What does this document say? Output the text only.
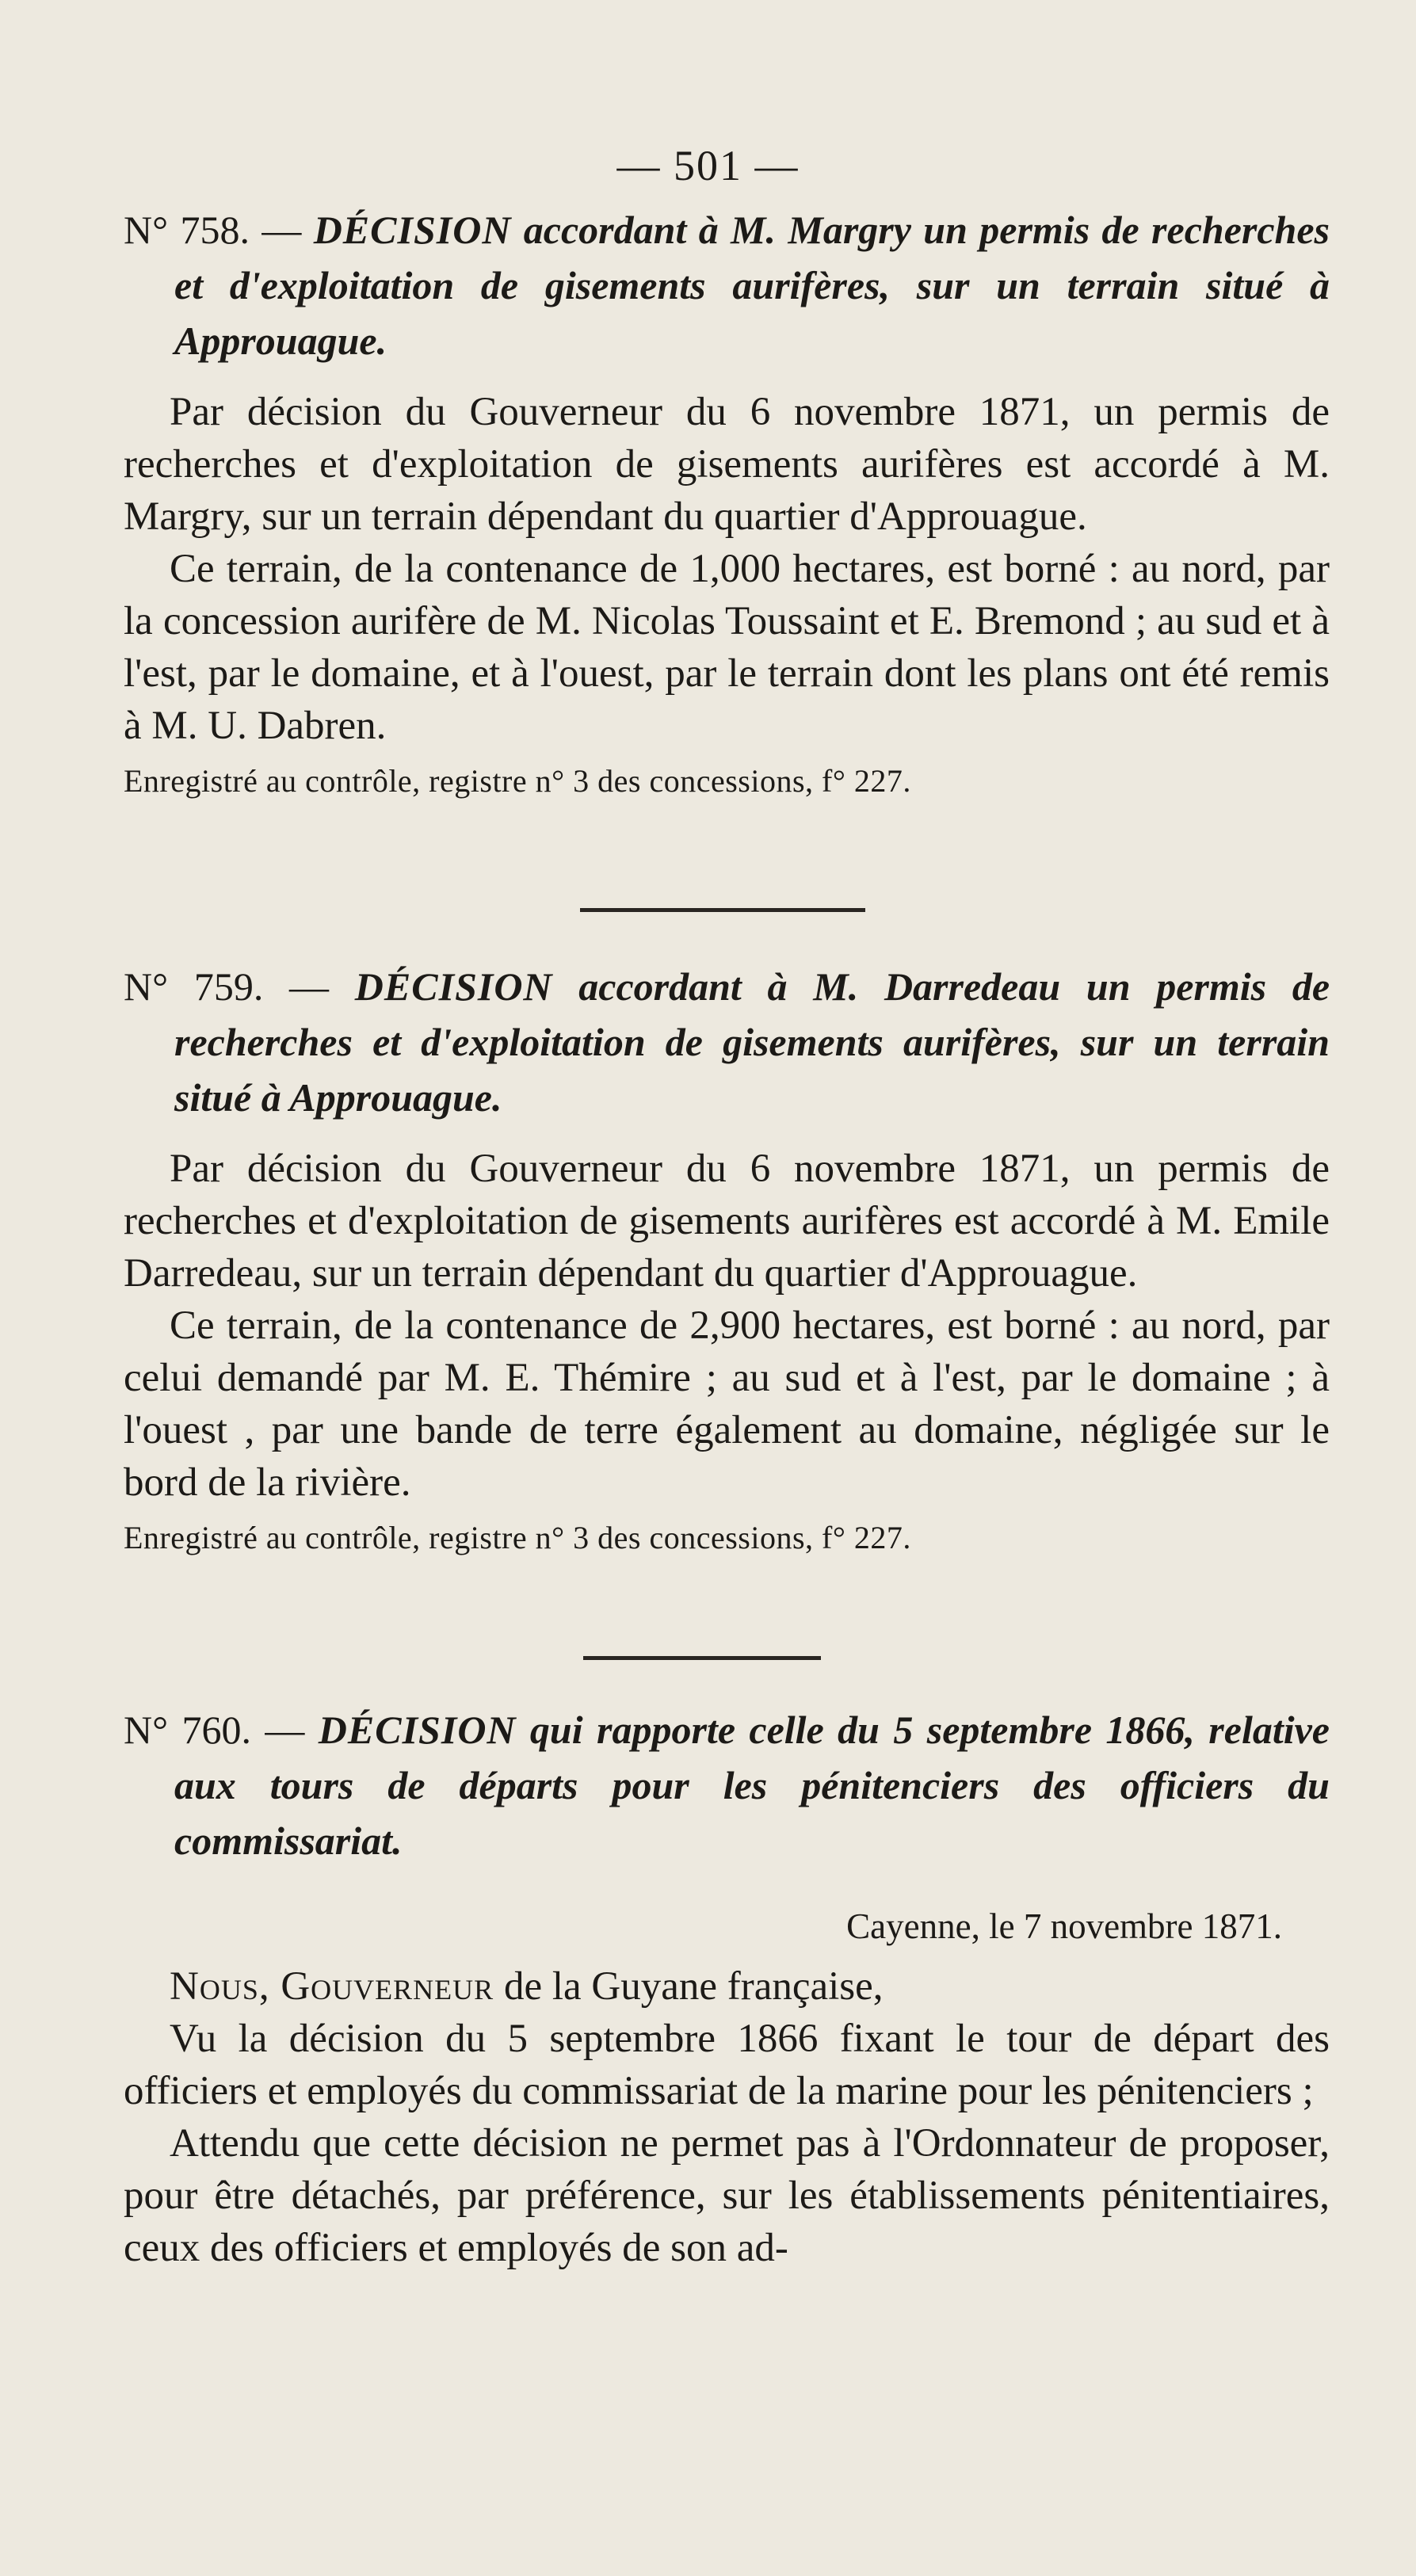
— 501 —
N° 758. — DÉCISION accordant à M. Margry un permis de recherches et d'exploitation de gisements aurifères, sur un terrain situé à Approuague.

Par décision du Gouverneur du 6 novembre 1871, un permis de recherches et d'exploitation de gisements aurifères est accordé à M. Margry, sur un terrain dépendant du quartier d'Approuague.

Ce terrain, de la contenance de 1,000 hectares, est borné : au nord, par la concession aurifère de M. Nicolas Toussaint et E. Bremond ; au sud et à l'est, par le domaine, et à l'ouest, par le terrain dont les plans ont été remis à M. U. Dabren.

Enregistré au contrôle, registre n° 3 des concessions, f° 227.
N° 759. — DÉCISION accordant à M. Darredeau un permis de recherches et d'exploitation de gisements aurifères, sur un terrain situé à Approuague.

Par décision du Gouverneur du 6 novembre 1871, un permis de recherches et d'exploitation de gisements aurifères est accordé à M. Emile Darredeau, sur un terrain dépendant du quartier d'Approuague.

Ce terrain, de la contenance de 2,900 hectares, est borné : au nord, par celui demandé par M. E. Thémire ; au sud et à l'est, par le domaine ; à l'ouest , par une bande de terre également au domaine, négligée sur le bord de la rivière.

Enregistré au contrôle, registre n° 3 des concessions, f° 227.
N° 760. — DÉCISION qui rapporte celle du 5 septembre 1866, relative aux tours de départs pour les pénitenciers des officiers du commissariat.
Cayenne, le 7 novembre 1871.

Nous, Gouverneur de la Guyane française,

Vu la décision du 5 septembre 1866 fixant le tour de départ des officiers et employés du commissariat de la marine pour les pénitenciers ;

Attendu que cette décision ne permet pas à l'Ordonnateur de proposer, pour être détachés, par préférence, sur les établissements pénitentiaires, ceux des officiers et employés de son ad-
